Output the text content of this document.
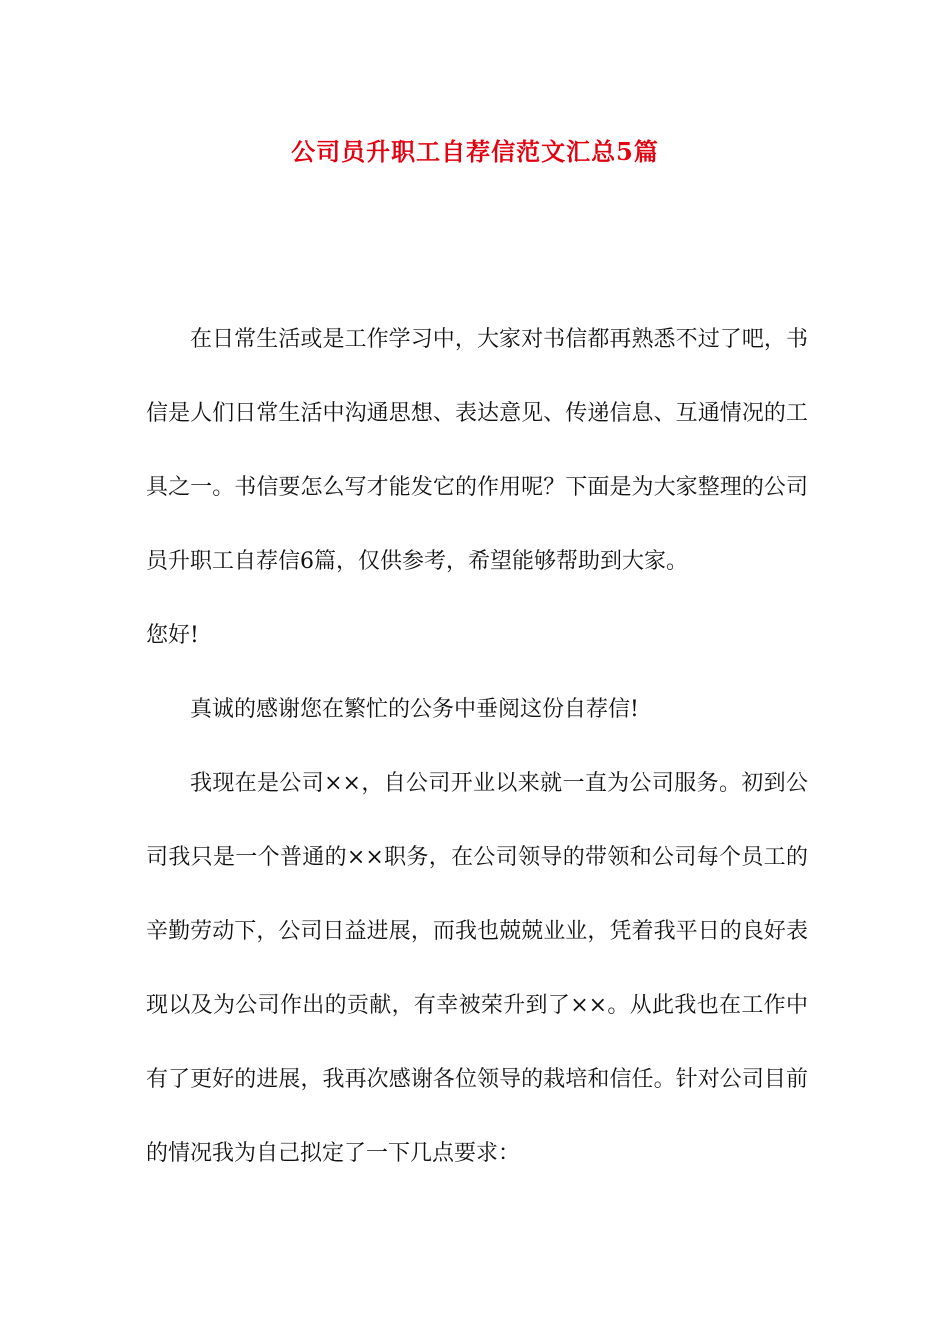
公司员升职工自荐信范文汇总5篇

在日常生活或是工作学习中，大家对书信都再熟悉不过了吧，书信是人们日常生活中沟通思想、表达意见、传递信息、互通情况的工具之一。书信要怎么写才能发它的作用呢？下面是为大家整理的公司员升职工自荐信6篇，仅供参考，希望能够帮助到大家。

您好!

真诚的感谢您在繁忙的公务中垂阅这份自荐信!

我现在是公司××，自公司开业以来就一直为公司服务。初到公司我只是一个普通的××职务，在公司领导的带领和公司每个员工的辛勤劳动下，公司日益进展，而我也兢兢业业，凭着我平日的良好表现以及为公司作出的贡献，有幸被荣升到了××。从此我也在工作中有了更好的进展，我再次感谢各位领导的栽培和信任。针对公司目前的情况我为自己拟定了一下几点要求：
